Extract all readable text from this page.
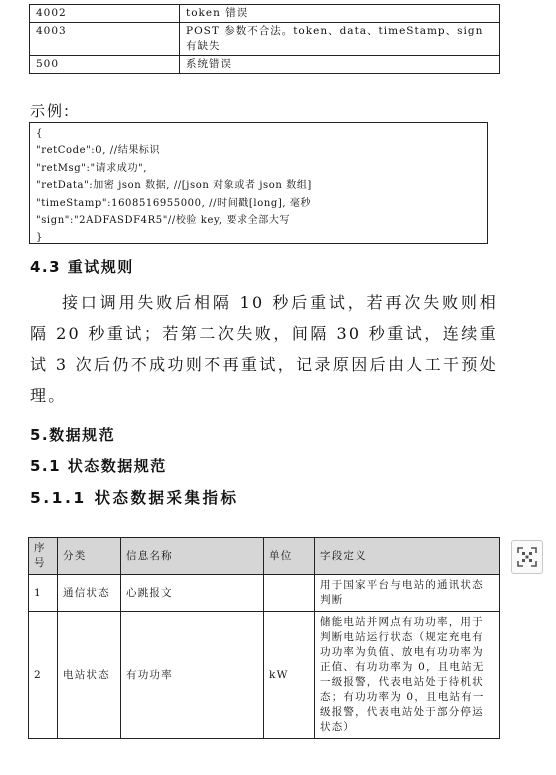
4002	token 错误
4003	POST 参数不合法。token、data、timeStamp、sign 有缺失
500	系统错误
示例:
{
"retCode":0, //结果标识
"retMsg":"请求成功",
"retData":加密 json 数据, //[json 对象或者 json 数组]
"timeStamp":1608516955000, //时间戳[long], 毫秒
"sign":"2ADFASDF4R5"//校验 key, 要求全部大写
}
4.3 重试规则
接口调用失败后相隔 10 秒后重试，若再次失败则相隔 20 秒重试；若第二次失败，间隔 30 秒重试，连续重试 3 次后仍不成功则不再重试，记录原因后由人工干预处理。
5.数据规范
5.1 状态数据规范
5.1.1 状态数据采集指标
序号	分类	信息名称	单位	字段定义
1	通信状态	心跳报文		用于国家平台与电站的通讯状态判断
2	电站状态	有功功率	kW	储能电站并网点有功功率，用于判断电站运行状态（规定充电有功功率为负值、放电有功功率为正值、有功功率为 0，且电站无一级报警，代表电站处于待机状态；有功功率为 0，且电站有一级报警，代表电站处于部分停运状态）
